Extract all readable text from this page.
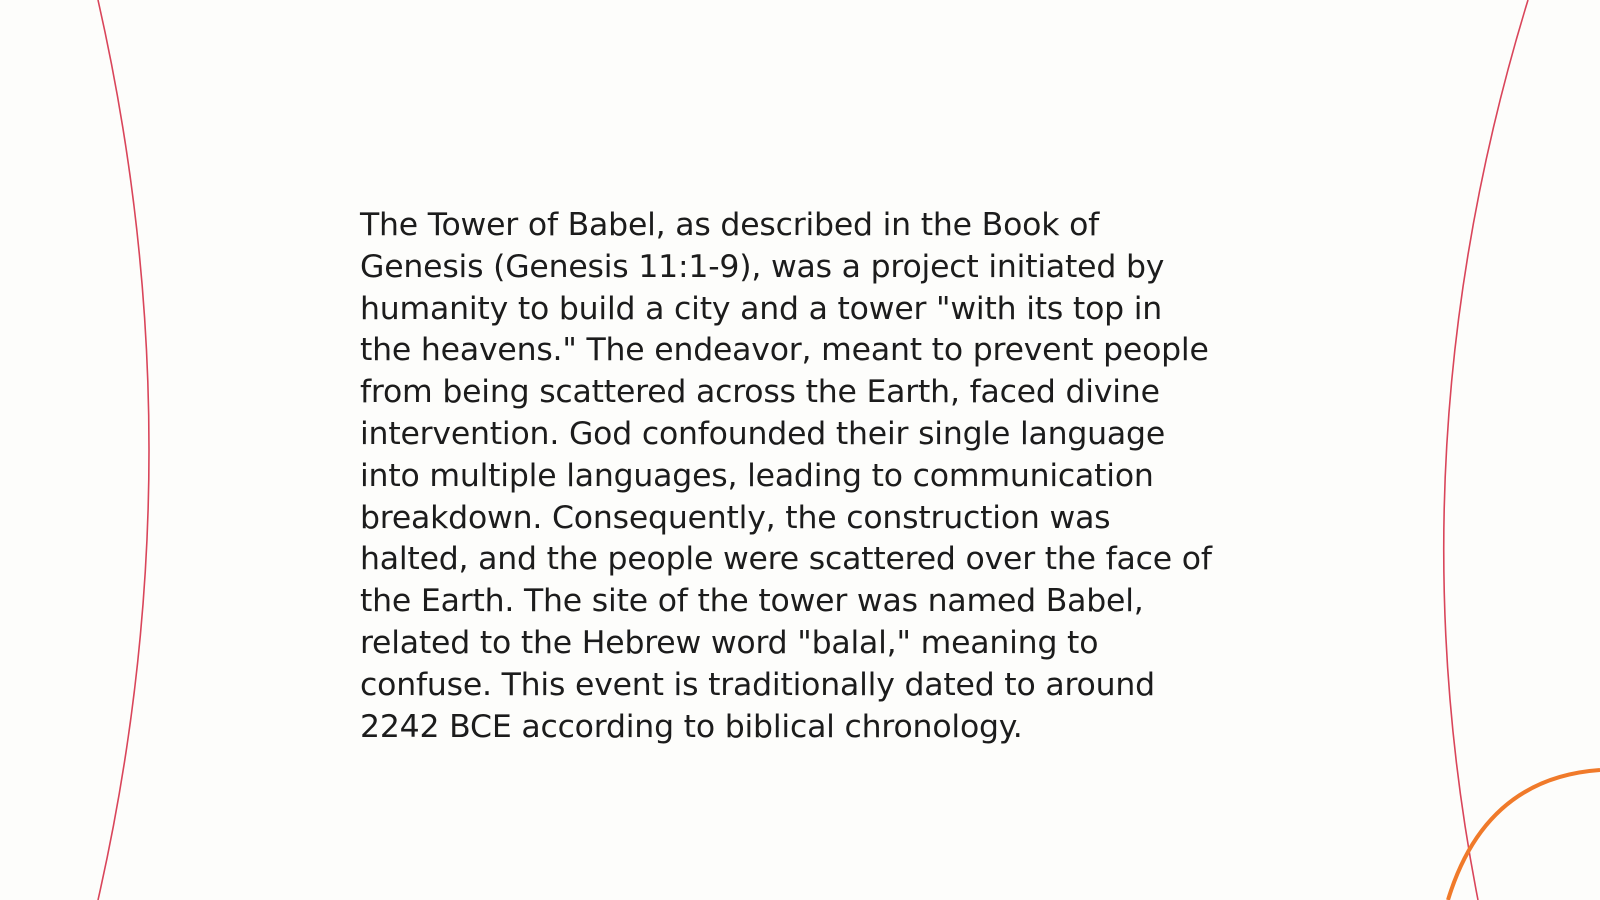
The Tower of Babel, as described in the Book of
Genesis (Genesis 11:1-9), was a project initiated by
humanity to build a city and a tower "with its top in
the heavens." The endeavor, meant to prevent people
from being scattered across the Earth, faced divine
intervention. God confounded their single language
into multiple languages, leading to communication
breakdown. Consequently, the construction was
halted, and the people were scattered over the face of
the Earth. The site of the tower was named Babel,
related to the Hebrew word "balal," meaning to
confuse. This event is traditionally dated to around
2242 BCE according to biblical chronology.
